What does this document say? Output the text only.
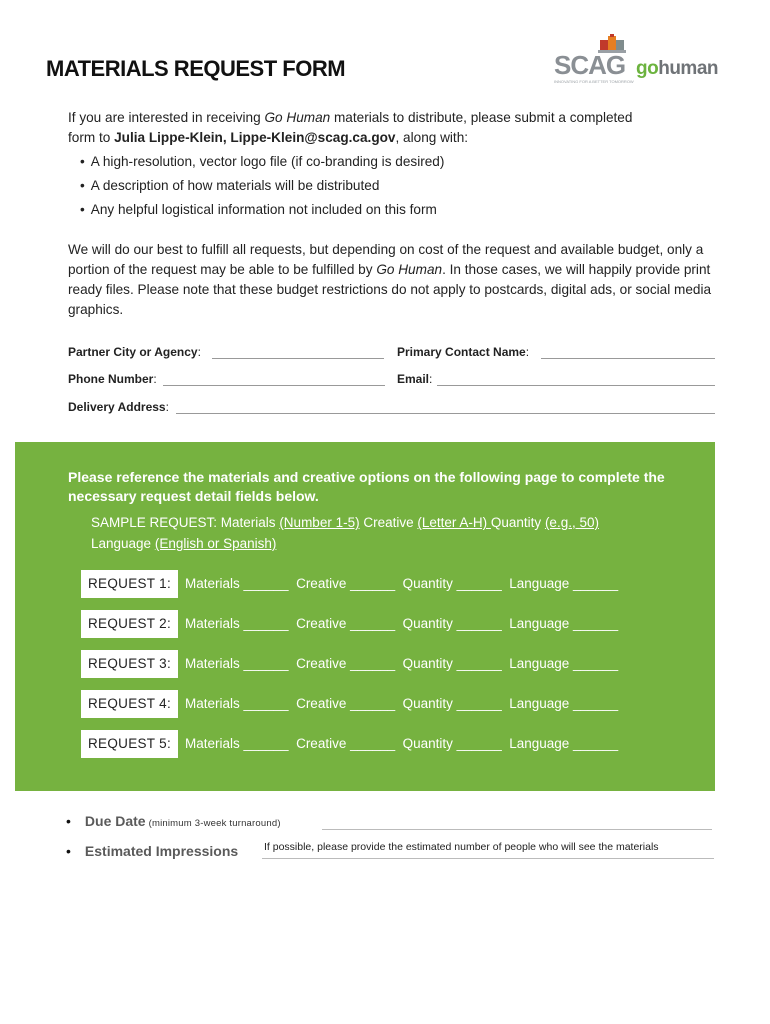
MATERIALS REQUEST FORM	SCAG
INNOVATING FOR A BETTER TOMORROW
gohuman

If you are interested in receiving Go Human materials to distribute, please submit a completed

form to Julia Lippe-Klein, Lippe-Klein@scag.ca.gov, along with:

• A high-resolution, vector logo file (if co-branding is desired)
• A description of how materials will be distributed
• Any helpful logistical information not included on this form
We will do our best to fulfill all requests, but depending on cost of the request and available budget, only a portion of the request may be able to be fulfilled by Go Human. In those cases, we will happily provide print ready files. Please note that these budget restrictions do not apply to postcards, digital ads, or social media graphics.
Partner City or Agency:	Primary Contact Name:
Phone Number:	Email:
Delivery Address:
Please reference the materials and creative options on the following page to complete the necessary request detail fields below.
SAMPLE REQUEST: Materials (Number 1-5) Creative (Letter A-H) Quantity (e.g., 50)
Language (English or Spanish)
REQUEST 1:	Materials ______  Creative ______  Quantity ______  Language ______
REQUEST 2:	Materials ______  Creative ______  Quantity ______  Language ______
REQUEST 3:	Materials ______  Creative ______  Quantity ______  Language ______
REQUEST 4:	Materials ______  Creative ______  Quantity ______  Language ______
REQUEST 5:	Materials ______  Creative ______  Quantity ______  Language ______
• Due Date (minimum 3-week turnaround)
• Estimated Impressions If possible, please provide the estimated number of people who will see the materials
